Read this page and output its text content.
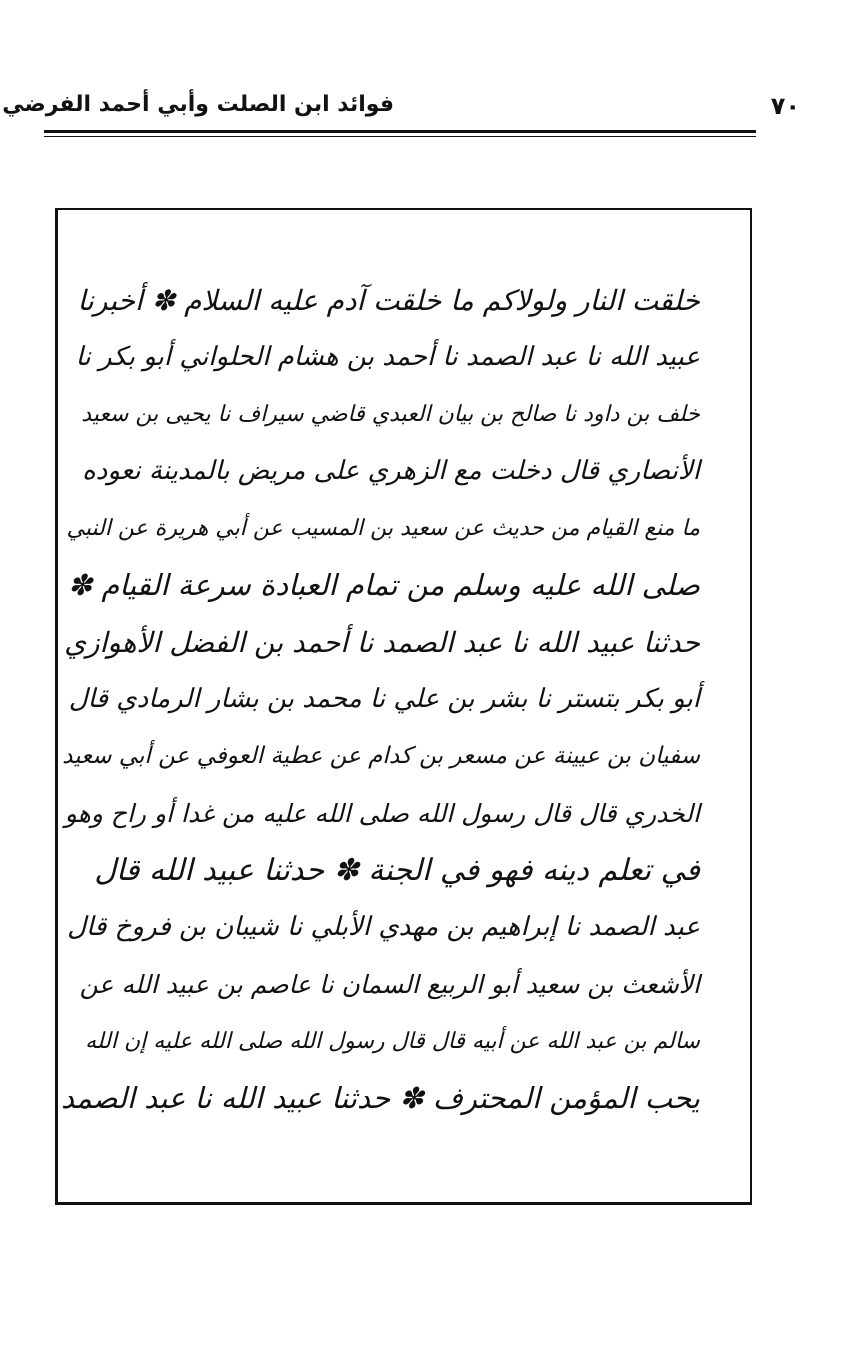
٧٠
فوائد ابن الصلت وأبي أحمد الفرضي
خلقت النار ولولاكم ما خلقت آدم عليه السلام ✽ أخبرنا
عبيد الله نا عبد الصمد نا أحمد بن هشام الحلواني أبو بكر نا
خلف بن داود نا صالح بن بيان العبدي قاضي سيراف نا يحيى بن سعيد
الأنصاري قال دخلت مع الزهري على مريض بالمدينة نعوده
ما منع القيام من حديث عن سعيد بن المسيب عن أبي هريرة عن النبي
صلى الله عليه وسلم من تمام العبادة سرعة القيام ✽
حدثنا عبيد الله نا عبد الصمد نا أحمد بن الفضل الأهوازي
أبو بكر بتستر نا بشر بن علي نا محمد بن بشار الرمادي قال
سفيان بن عيينة عن مسعر بن كدام عن عطية العوفي عن أبي سعيد
الخدري قال قال رسول الله صلى الله عليه من غدا أو راح وهو
في تعلم دينه فهو في الجنة ✽ حدثنا عبيد الله قال
عبد الصمد نا إبراهيم بن مهدي الأبلي نا شيبان بن فروخ قال
الأشعث بن سعيد أبو الربيع السمان نا عاصم بن عبيد الله عن
سالم بن عبد الله عن أبيه قال قال رسول الله صلى الله عليه إن الله
يحب المؤمن المحترف ✽ حدثنا عبيد الله نا عبد الصمد
